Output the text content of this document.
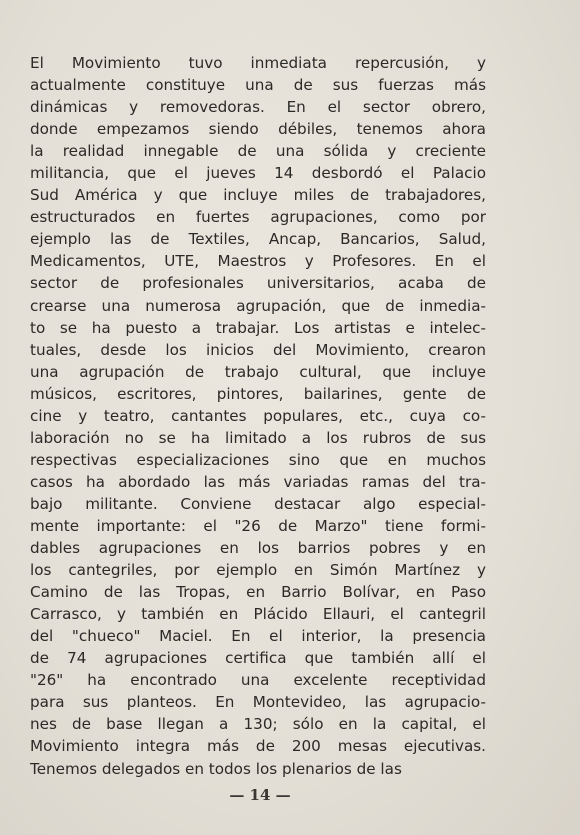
El Movimiento tuvo inmediata repercusión, y
actualmente constituye una de sus fuerzas más
dinámicas y removedoras. En el sector obrero,
donde empezamos siendo débiles, tenemos ahora
la realidad innegable de una sólida y creciente
militancia, que el jueves 14 desbordó el Palacio
Sud América y que incluye miles de trabajadores,
estructurados en fuertes agrupaciones, como por
ejemplo las de Textiles, Ancap, Bancarios, Salud,
Medicamentos, UTE, Maestros y Profesores. En el
sector de profesionales universitarios, acaba de
crearse una numerosa agrupación, que de inmedia-
to se ha puesto a trabajar. Los artistas e intelec-
tuales, desde los inicios del Movimiento, crearon
una agrupación de trabajo cultural, que incluye
músicos, escritores, pintores, bailarines, gente de
cine y teatro, cantantes populares, etc., cuya co-
laboración no se ha limitado a los rubros de sus
respectivas especializaciones sino que en muchos
casos ha abordado las más variadas ramas del tra-
bajo militante. Conviene destacar algo especial-
mente importante: el "26 de Marzo" tiene formi-
dables agrupaciones en los barrios pobres y en
los cantegriles, por ejemplo en Simón Martínez y
Camino de las Tropas, en Barrio Bolívar, en Paso
Carrasco, y también en Plácido Ellauri, el cantegril
del "chueco" Maciel. En el interior, la presencia
de 74 agrupaciones certifica que también allí el
"26" ha encontrado una excelente receptividad
para sus planteos. En Montevideo, las agrupacio-
nes de base llegan a 130; sólo en la capital, el
Movimiento integra más de 200 mesas ejecutivas.
Tenemos delegados en todos los plenarios de las

— 14 —
